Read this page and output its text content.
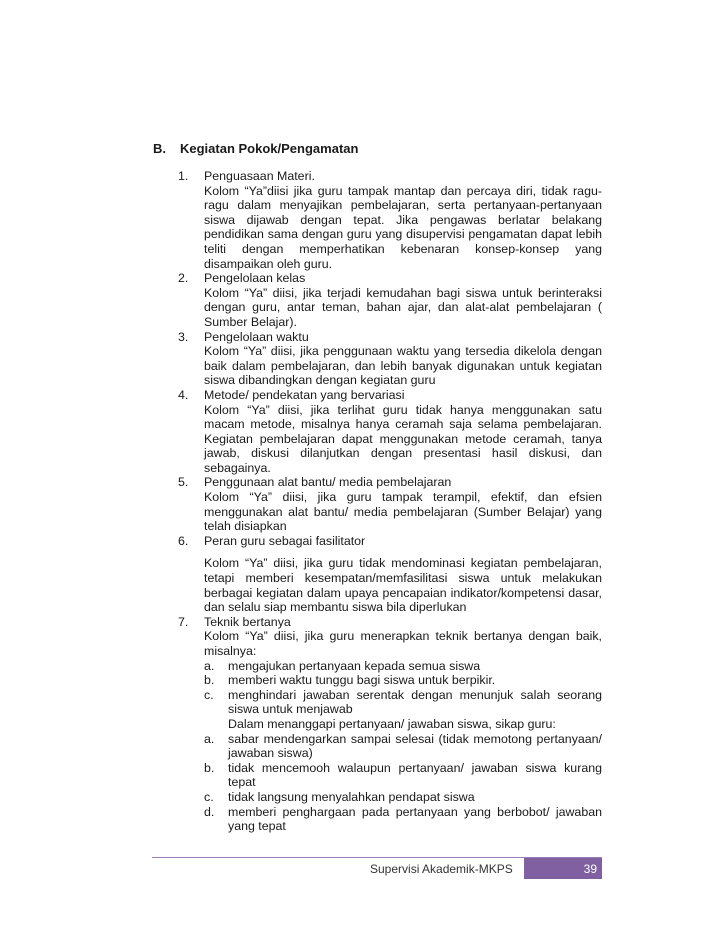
B. Kegiatan Pokok/Pengamatan
1. Penguasaan Materi.
Kolom “Ya”diisi jika guru tampak mantap dan percaya diri, tidak ragu-ragu dalam menyajikan pembelajaran, serta pertanyaan-pertanyaan siswa dijawab dengan tepat. Jika pengawas berlatar belakang pendidikan sama dengan guru yang disupervisi pengamatan dapat lebih teliti dengan memperhatikan kebenaran konsep-konsep yang disampaikan oleh guru.
2. Pengelolaan kelas
Kolom “Ya” diisi, jika terjadi kemudahan bagi siswa untuk berinteraksi dengan guru, antar teman, bahan ajar, dan alat-alat pembelajaran ( Sumber Belajar).
3. Pengelolaan waktu
Kolom “Ya” diisi, jika penggunaan waktu yang tersedia dikelola dengan baik dalam pembelajaran, dan lebih banyak digunakan untuk kegiatan siswa dibandingkan dengan kegiatan guru
4. Metode/ pendekatan yang bervariasi
Kolom “Ya” diisi, jika terlihat guru tidak hanya menggunakan satu macam metode, misalnya hanya ceramah saja selama pembelajaran. Kegiatan pembelajaran dapat menggunakan metode ceramah, tanya jawab, diskusi dilanjutkan dengan presentasi hasil diskusi, dan sebagainya.
5. Penggunaan alat bantu/ media pembelajaran
Kolom “Ya” diisi, jika guru tampak terampil, efektif, dan efsien menggunakan alat bantu/ media pembelajaran (Sumber Belajar) yang telah disiapkan
6. Peran guru sebagai fasilitator
Kolom “Ya” diisi, jika guru tidak mendominasi kegiatan pembelajaran, tetapi memberi kesempatan/memfasilitasi siswa untuk melakukan berbagai kegiatan dalam upaya pencapaian indikator/kompetensi dasar, dan selalu siap membantu siswa bila diperlukan
7. Teknik bertanya
Kolom “Ya” diisi, jika guru menerapkan teknik bertanya dengan baik, misalnya:
a. mengajukan pertanyaan kepada semua siswa
b. memberi waktu tunggu bagi siswa untuk berpikir.
c. menghindari jawaban serentak dengan menunjuk salah seorang siswa untuk menjawab
Dalam menanggapi pertanyaan/ jawaban siswa, sikap guru:
a. sabar mendengarkan sampai selesai (tidak memotong pertanyaan/ jawaban siswa)
b. tidak mencemooh walaupun pertanyaan/ jawaban siswa kurang tepat
c. tidak langsung menyalahkan pendapat siswa
d. memberi penghargaan pada pertanyaan yang berbobot/ jawaban yang tepat
Supervisi Akademik-MKPS	39
